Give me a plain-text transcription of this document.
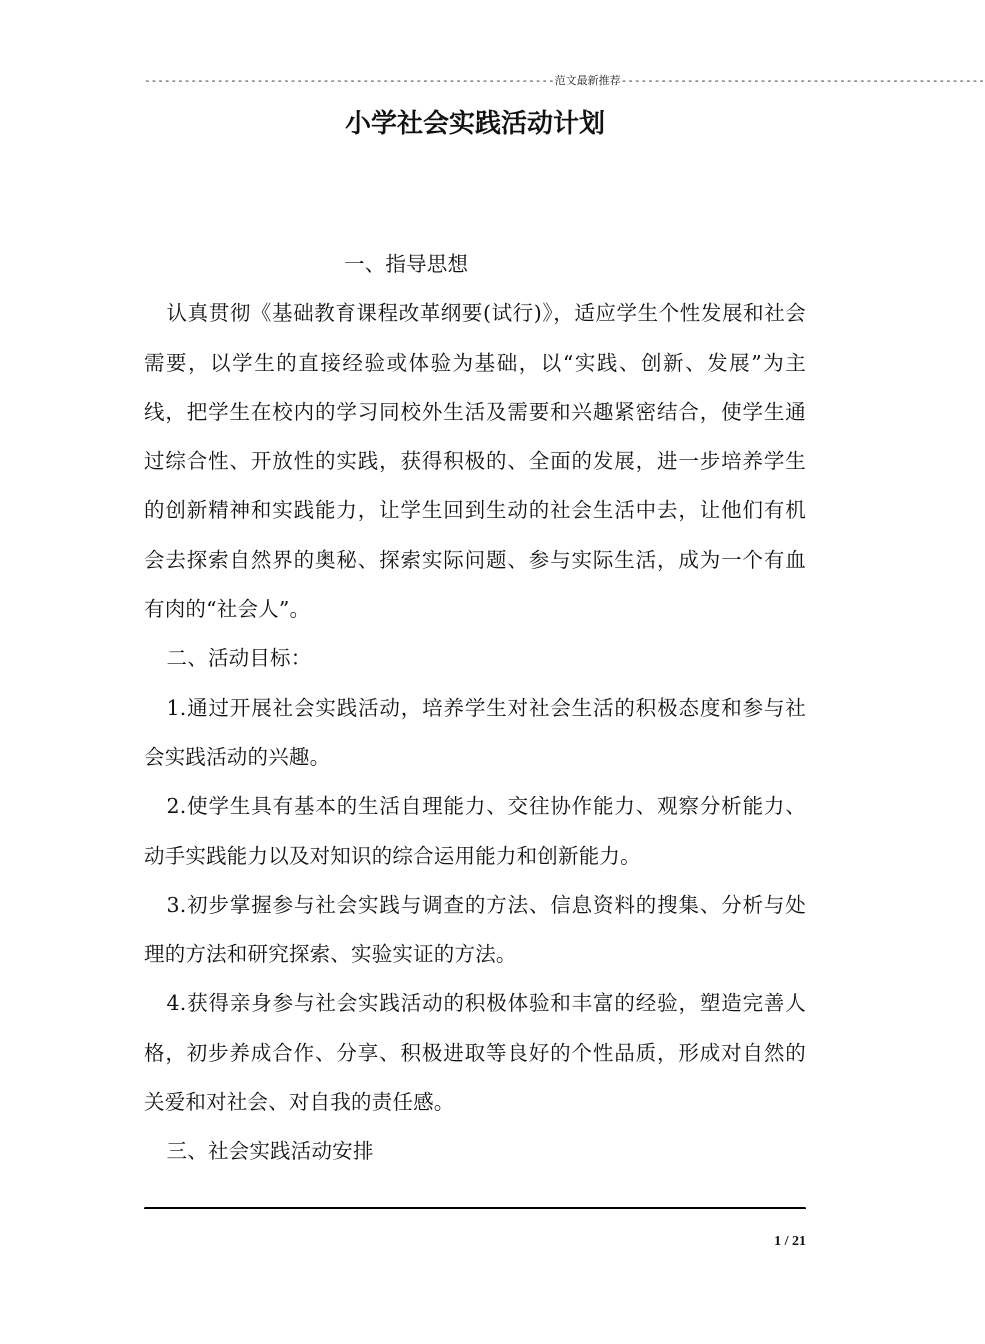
--------------------------------------------------------------范文最新推荐-------------------------------------------------------
小学社会实践活动计划

一、指导思想

认真贯彻《基础教育课程改革纲要(试行)》，适应学生个性发展和社会需要，以学生的直接经验或体验为基础，以“实践、创新、发展”为主线，把学生在校内的学习同校外生活及需要和兴趣紧密结合，使学生通过综合性、开放性的实践，获得积极的、全面的发展，进一步培养学生的创新精神和实践能力，让学生回到生动的社会生活中去，让他们有机会去探索自然界的奥秘、探索实际问题、参与实际生活，成为一个有血有肉的“社会人”。

二、活动目标：

1.通过开展社会实践活动，培养学生对社会生活的积极态度和参与社会实践活动的兴趣。

2.使学生具有基本的生活自理能力、交往协作能力、观察分析能力、动手实践能力以及对知识的综合运用能力和创新能力。

3.初步掌握参与社会实践与调查的方法、信息资料的搜集、分析与处理的方法和研究探索、实验实证的方法。

4.获得亲身参与社会实践活动的积极体验和丰富的经验，塑造完善人格，初步养成合作、分享、积极进取等良好的个性品质，形成对自然的关爱和对社会、对自我的责任感。

三、社会实践活动安排

1 / 21
